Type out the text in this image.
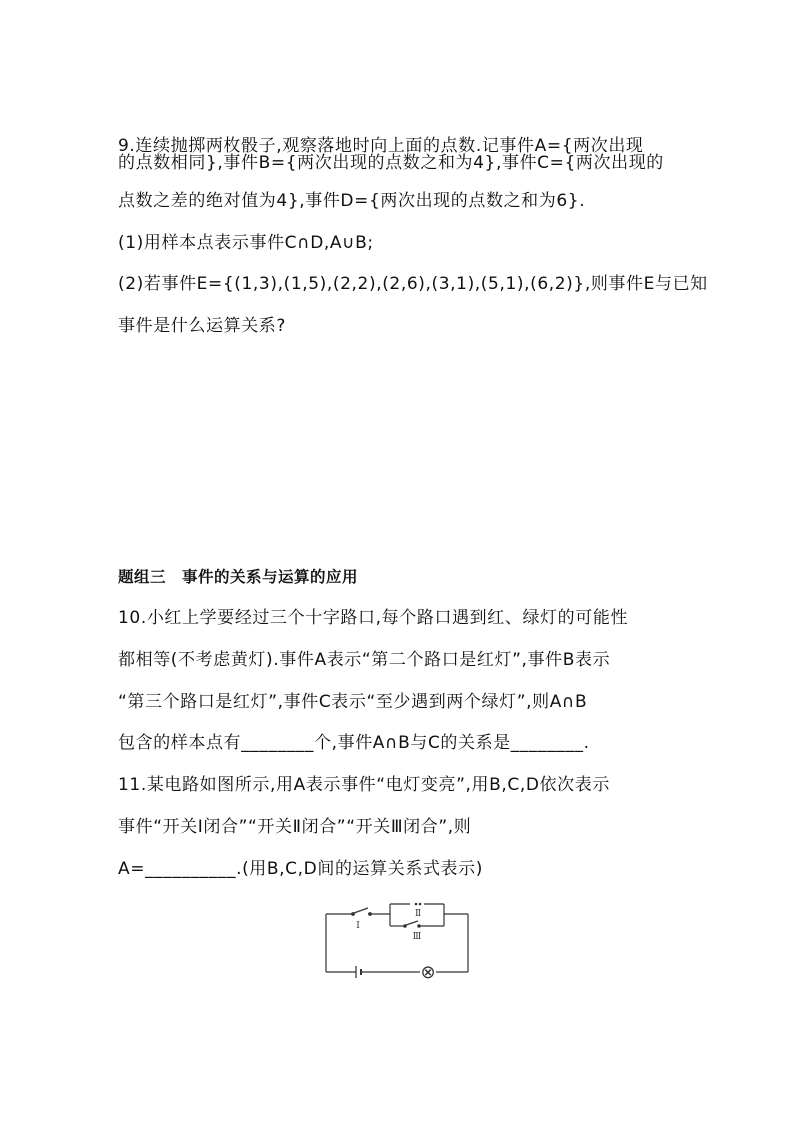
9.连续抛掷两枚骰子,观察落地时向上面的点数.记事件A={两次出现
的点数相同},事件B={两次出现的点数之和为4},事件C={两次出现的
点数之差的绝对值为4},事件D={两次出现的点数之和为6}.
(1)用样本点表示事件C∩D,A∪B;
(2)若事件E={(1,3),(1,5),(2,2),(2,6),(3,1),(5,1),(6,2)},则事件E与已知
事件是什么运算关系?
题组三　事件的关系与运算的应用
10.小红上学要经过三个十字路口,每个路口遇到红、绿灯的可能性
都相等(不考虑黄灯).事件A表示“第二个路口是红灯”,事件B表示
“第三个路口是红灯”,事件C表示“至少遇到两个绿灯”,则A∩B
包含的样本点有________个,事件A∩B与C的关系是________.
11.某电路如图所示,用A表示事件“电灯变亮”,用B,C,D依次表示
事件“开关Ⅰ闭合”“开关Ⅱ闭合”“开关Ⅲ闭合”,则
A=__________.(用B,C,D间的运算关系式表示)
⊗
Ⅰ
Ⅱ
Ⅲ
